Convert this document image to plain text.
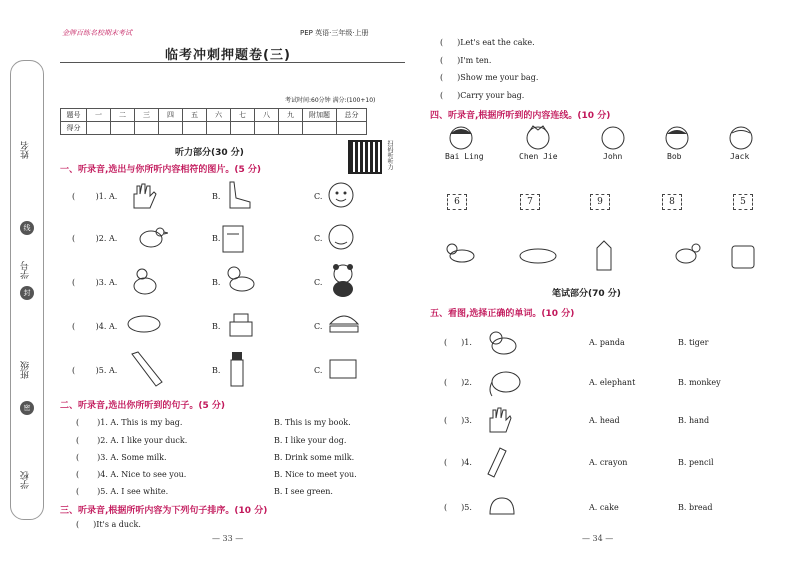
姓名
线
学号
封
班级
密
学校
金牌百练名校期末考试	PEP 英语·三年级·上册
临考冲刺押题卷(三)
考试时间:60分钟 满分:(100+10)
题号	一	二	三	四	五	六	七	八	九	附加题	总分
得分											
听力部分(30 分)	扫码听听力
一、听录音,选出与你所听内容相符的图片。(5 分)
(	)1. A.	B.	C.
(	)2. A.	B.	C.
(	)3. A.	B.	C.
(	)4. A.	B.	C.
(	)5. A.	B.	C.
二、听录音,选出你所听到的句子。(5 分)
( )1. A. This is my bag.	B. This is my book.
( )2. A. I like your duck.	B. I like your dog.
( )3. A. Some milk.	B. Drink some milk.
( )4. A. Nice to see you.	B. Nice to meet you.
( )5. A. I see white.	B. I see green.
三、听录音,根据所听内容为下列句子排序。(10 分)
( )It's a duck.
— 33 —
( )Let's eat the cake.
( )I'm ten.
( )Show me your bag.
( )Carry your bag.
四、听录音,根据所听到的内容连线。(10 分)
Bai Ling	Chen Jie	John	Bob	Jack
6	7	9	8	5
笔试部分(70 分)
五、看图,选择正确的单词。(10 分)
( )1.	A. panda	B. tiger
( )2.	A. elephant	B. monkey
( )3.	A. head	B. hand
( )4.	A. crayon	B. pencil
( )5.	A. cake	B. bread
— 34 —
